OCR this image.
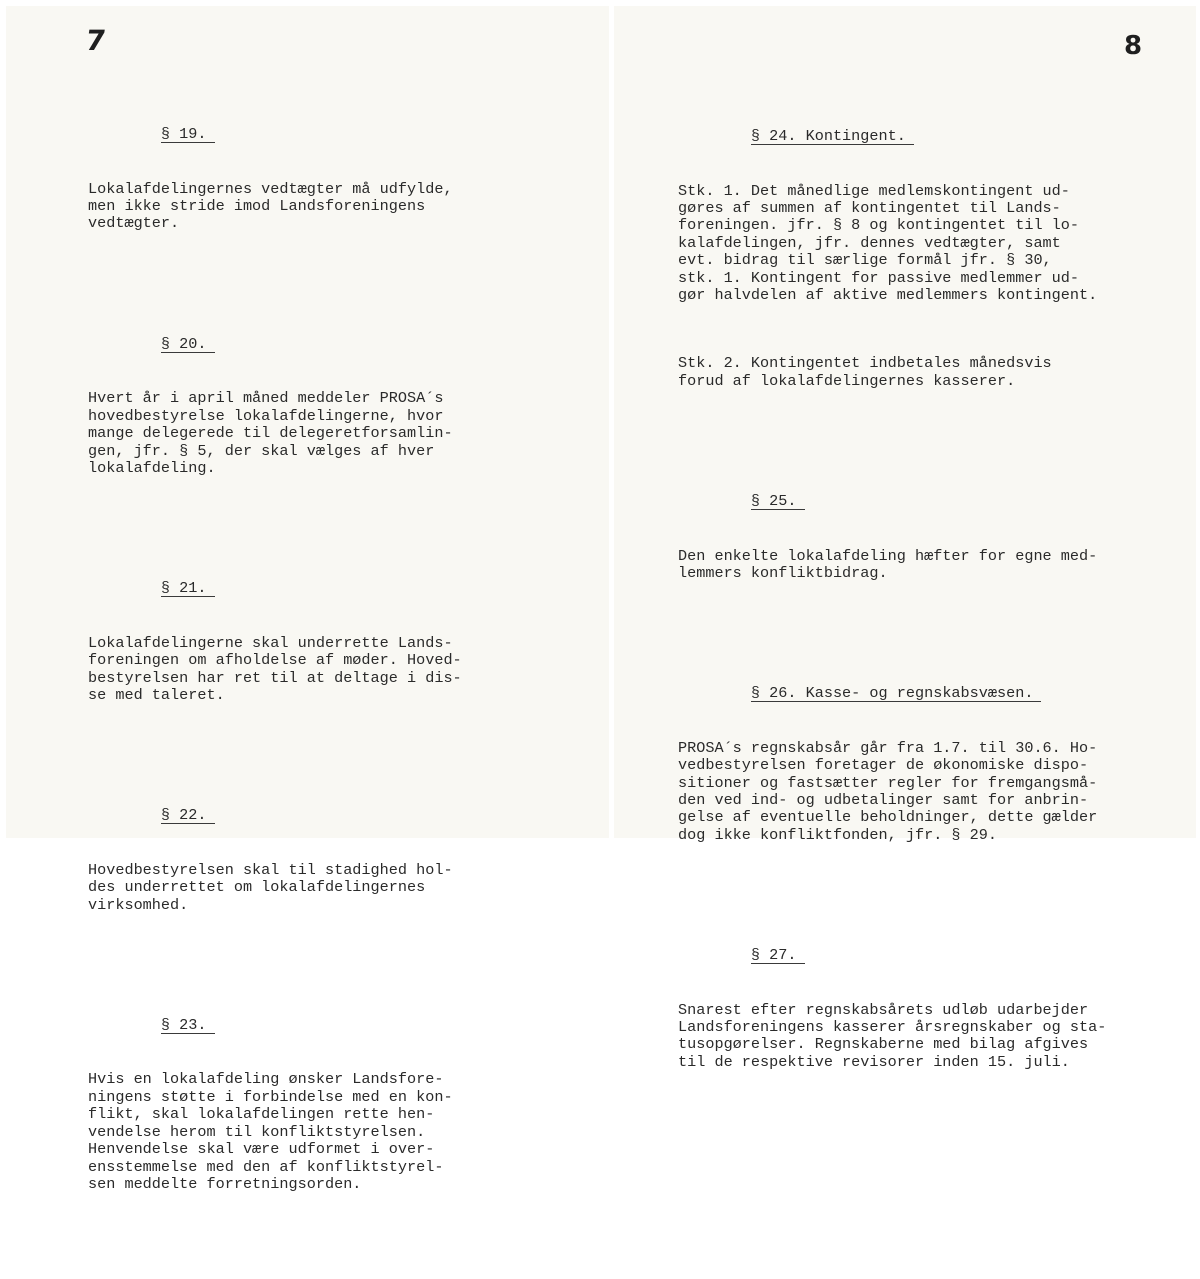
7

§ 19.

Lokalafdelingernes vedtægter må udfylde,
men ikke stride imod Landsforeningens
vedtægter.

§ 20.

Hvert år i april måned meddeler PROSA´s
hovedbestyrelse lokalafdelingerne, hvor
mange delegerede til delegeretforsamlin-
gen, jfr. § 5, der skal vælges af hver
lokalafdeling.

§ 21.

Lokalafdelingerne skal underrette Lands-
foreningen om afholdelse af møder. Hoved-
bestyrelsen har ret til at deltage i dis-
se med taleret.

§ 22.

Hovedbestyrelsen skal til stadighed hol-
des underrettet om lokalafdelingernes
virksomhed.

§ 23.

Hvis en lokalafdeling ønsker Landsfore-
ningens støtte i forbindelse med en kon-
flikt, skal lokalafdelingen rette hen-
vendelse herom til konfliktstyrelsen.
Henvendelse skal være udformet i over-
ensstemmelse med den af konfliktstyrel-
sen meddelte forretningsorden.

8

§ 24. Kontingent.

Stk. 1. Det månedlige medlemskontingent ud-
gøres af summen af kontingentet til Lands-
foreningen. jfr. § 8 og kontingentet til lo-
kalafdelingen, jfr. dennes vedtægter, samt
evt. bidrag til særlige formål jfr. § 30,
stk. 1. Kontingent for passive medlemmer ud-
gør halvdelen af aktive medlemmers kontingent.

Stk. 2. Kontingentet indbetales månedsvis
forud af lokalafdelingernes kasserer.

§ 25.

Den enkelte lokalafdeling hæfter for egne med-
lemmers konfliktbidrag.

§ 26. Kasse- og regnskabsvæsen.

PROSA´s regnskabsår går fra 1.7. til 30.6. Ho-
vedbestyrelsen foretager de økonomiske dispo-
sitioner og fastsætter regler for fremgangsmå-
den ved ind- og udbetalinger samt for anbrin-
gelse af eventuelle beholdninger, dette gælder
dog ikke konfliktfonden, jfr. § 29.

§ 27.

Snarest efter regnskabsårets udløb udarbejder
Landsforeningens kasserer årsregnskaber og sta-
tusopgørelser. Regnskaberne med bilag afgives
til de respektive revisorer inden 15. juli.
